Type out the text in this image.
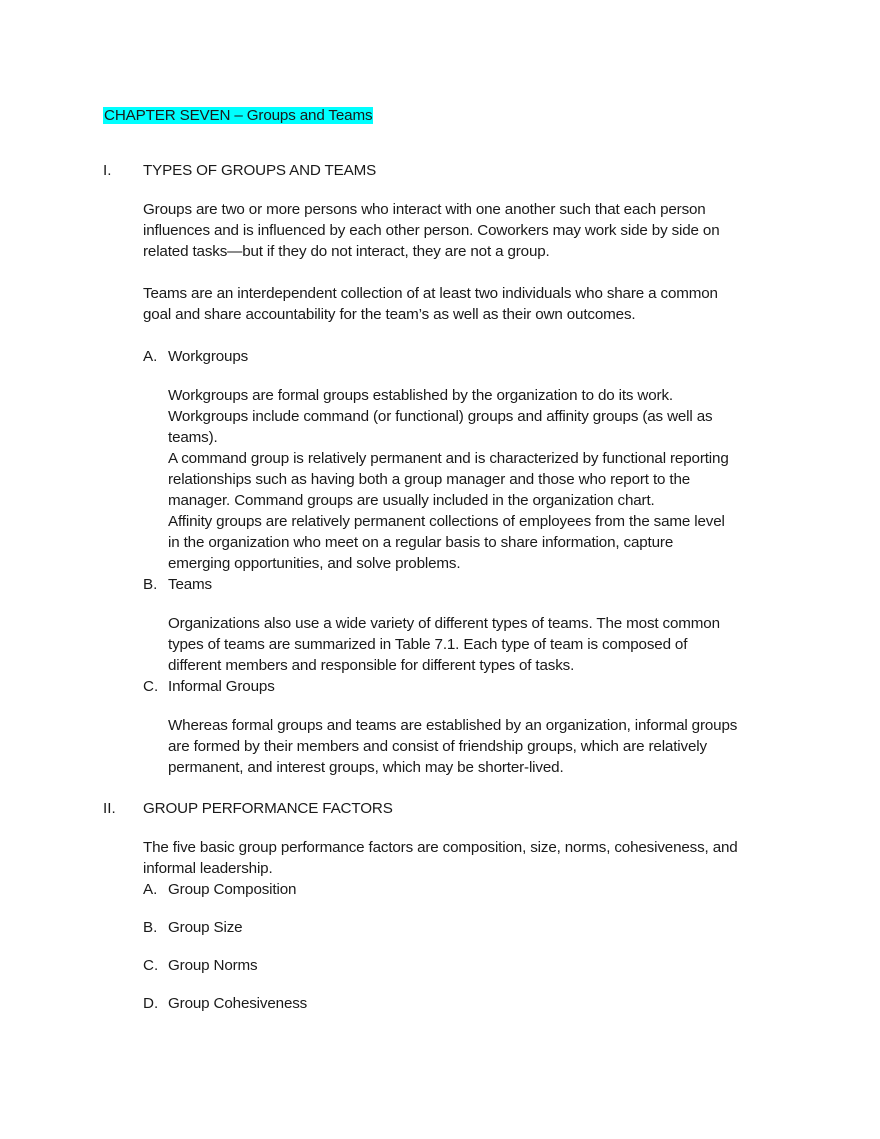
CHAPTER SEVEN – Groups and Teams
I. TYPES OF GROUPS AND TEAMS
Groups are two or more persons who interact with one another such that each person
influences and is influenced by each other person. Coworkers may work side by side on
related tasks—but if they do not interact, they are not a group.
Teams are an interdependent collection of at least two individuals who share a common
goal and share accountability for the team’s as well as their own outcomes.
A. Workgroups
Workgroups are formal groups established by the organization to do its work.
Workgroups include command (or functional) groups and affinity groups (as well as
teams).
A command group is relatively permanent and is characterized by functional reporting
relationships such as having both a group manager and those who report to the
manager. Command groups are usually included in the organization chart.
Affinity groups are relatively permanent collections of employees from the same level
in the organization who meet on a regular basis to share information, capture
emerging opportunities, and solve problems.
B. Teams
Organizations also use a wide variety of different types of teams. The most common
types of teams are summarized in Table 7.1. Each type of team is composed of
different members and responsible for different types of tasks.
C. Informal Groups
Whereas formal groups and teams are established by an organization, informal groups
are formed by their members and consist of friendship groups, which are relatively
permanent, and interest groups, which may be shorter-lived.
II. GROUP PERFORMANCE FACTORS
The five basic group performance factors are composition, size, norms, cohesiveness, and
informal leadership.
A. Group Composition
B. Group Size
C. Group Norms
D. Group Cohesiveness
